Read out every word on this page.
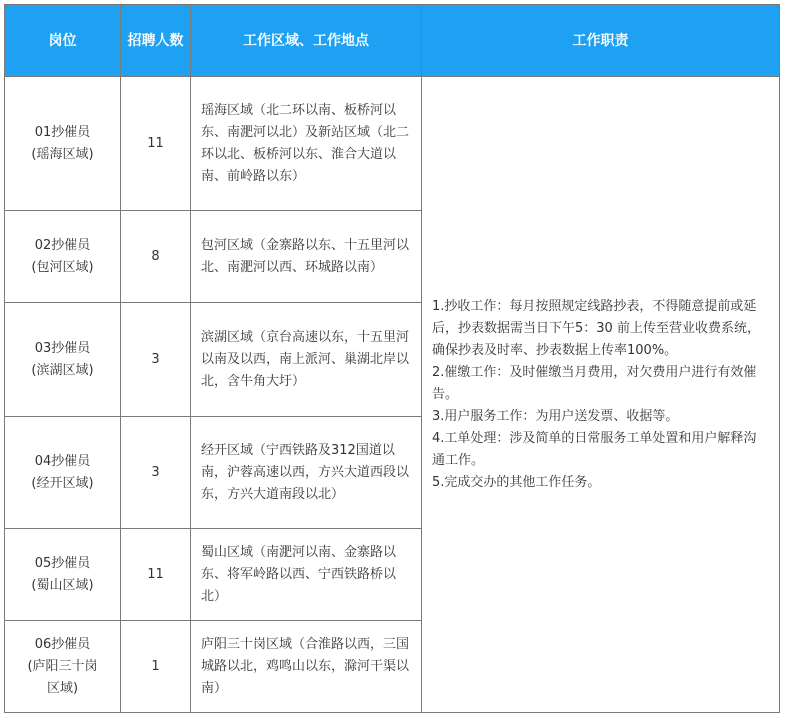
岗位	招聘人数	工作区域、工作地点	工作职责

01抄催员
(瑶海区域)	11	瑶海区域（北二环以南、板桥河以东、南淝河以北）及新站区域（北二环以北、板桥河以东、淮合大道以南、前岭路以东）	1.抄收工作：每月按照规定线路抄表，不得随意提前或延后，抄表数据需当日下午5：30 前上传至营业收费系统，确保抄表及时率、抄表数据上传率100%。
2.催缴工作：及时催缴当月费用，对欠费用户进行有效催告。
3.用户服务工作：为用户送发票、收据等。
4.工单处理：涉及简单的日常服务工单处置和用户解释沟通工作。
5.完成交办的其他工作任务。

02抄催员
(包河区域)	8	包河区域（金寨路以东、十五里河以北、南淝河以西、环城路以南）	

03抄催员
(滨湖区域)	3	滨湖区域（京台高速以东，十五里河以南及以西，南上派河、巢湖北岸以北，含牛角大圩）	

04抄催员
(经开区域)	3	经开区域（宁西铁路及312国道以南，沪蓉高速以西，方兴大道西段以东，方兴大道南段以北）	

05抄催员
(蜀山区域)	11	蜀山区域（南淝河以南、金寨路以东、将军岭路以西、宁西铁路桥以北）	

06抄催员
(庐阳三十岗
区域)	1	庐阳三十岗区域（合淮路以西，三国城路以北，鸡鸣山以东，滁河干渠以南）	
